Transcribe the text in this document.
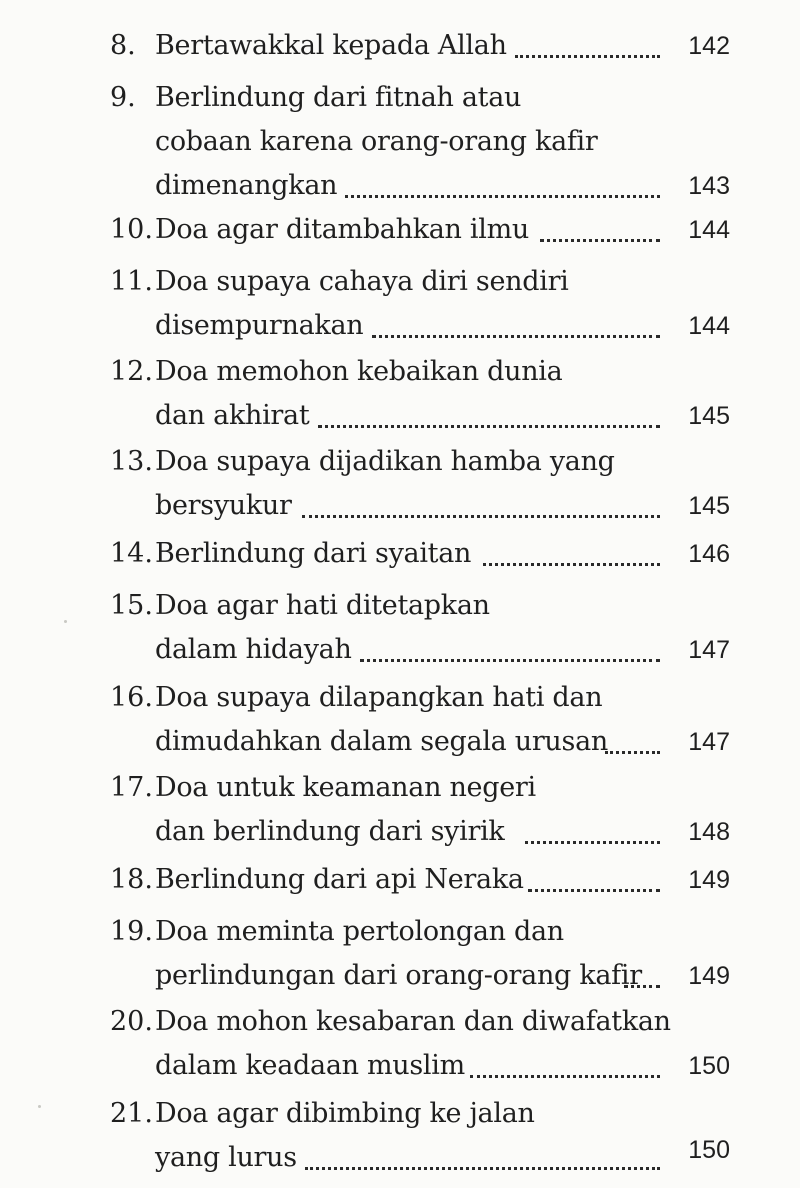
8. Bertawakkal kepada Allah	142
9. Berlindung dari fitnah atau
cobaan karena orang-orang kafir
dimenangkan	143
10. Doa agar ditambahkan ilmu	144
11. Doa supaya cahaya diri sendiri
disempurnakan	144
12. Doa memohon kebaikan dunia
dan akhirat	145
13. Doa supaya dijadikan hamba yang
bersyukur	145
14. Berlindung dari syaitan	146
15. Doa agar hati ditetapkan
dalam hidayah	147
16. Doa supaya dilapangkan hati dan
dimudahkan dalam segala urusan	147
17. Doa untuk keamanan negeri
dan berlindung dari syirik	148
18. Berlindung dari api Neraka	149
19. Doa meminta pertolongan dan
perlindungan dari orang-orang kafir	149
20. Doa mohon kesabaran dan diwafatkan
dalam keadaan muslim	150
21. Doa agar dibimbing ke jalan
yang lurus	150
